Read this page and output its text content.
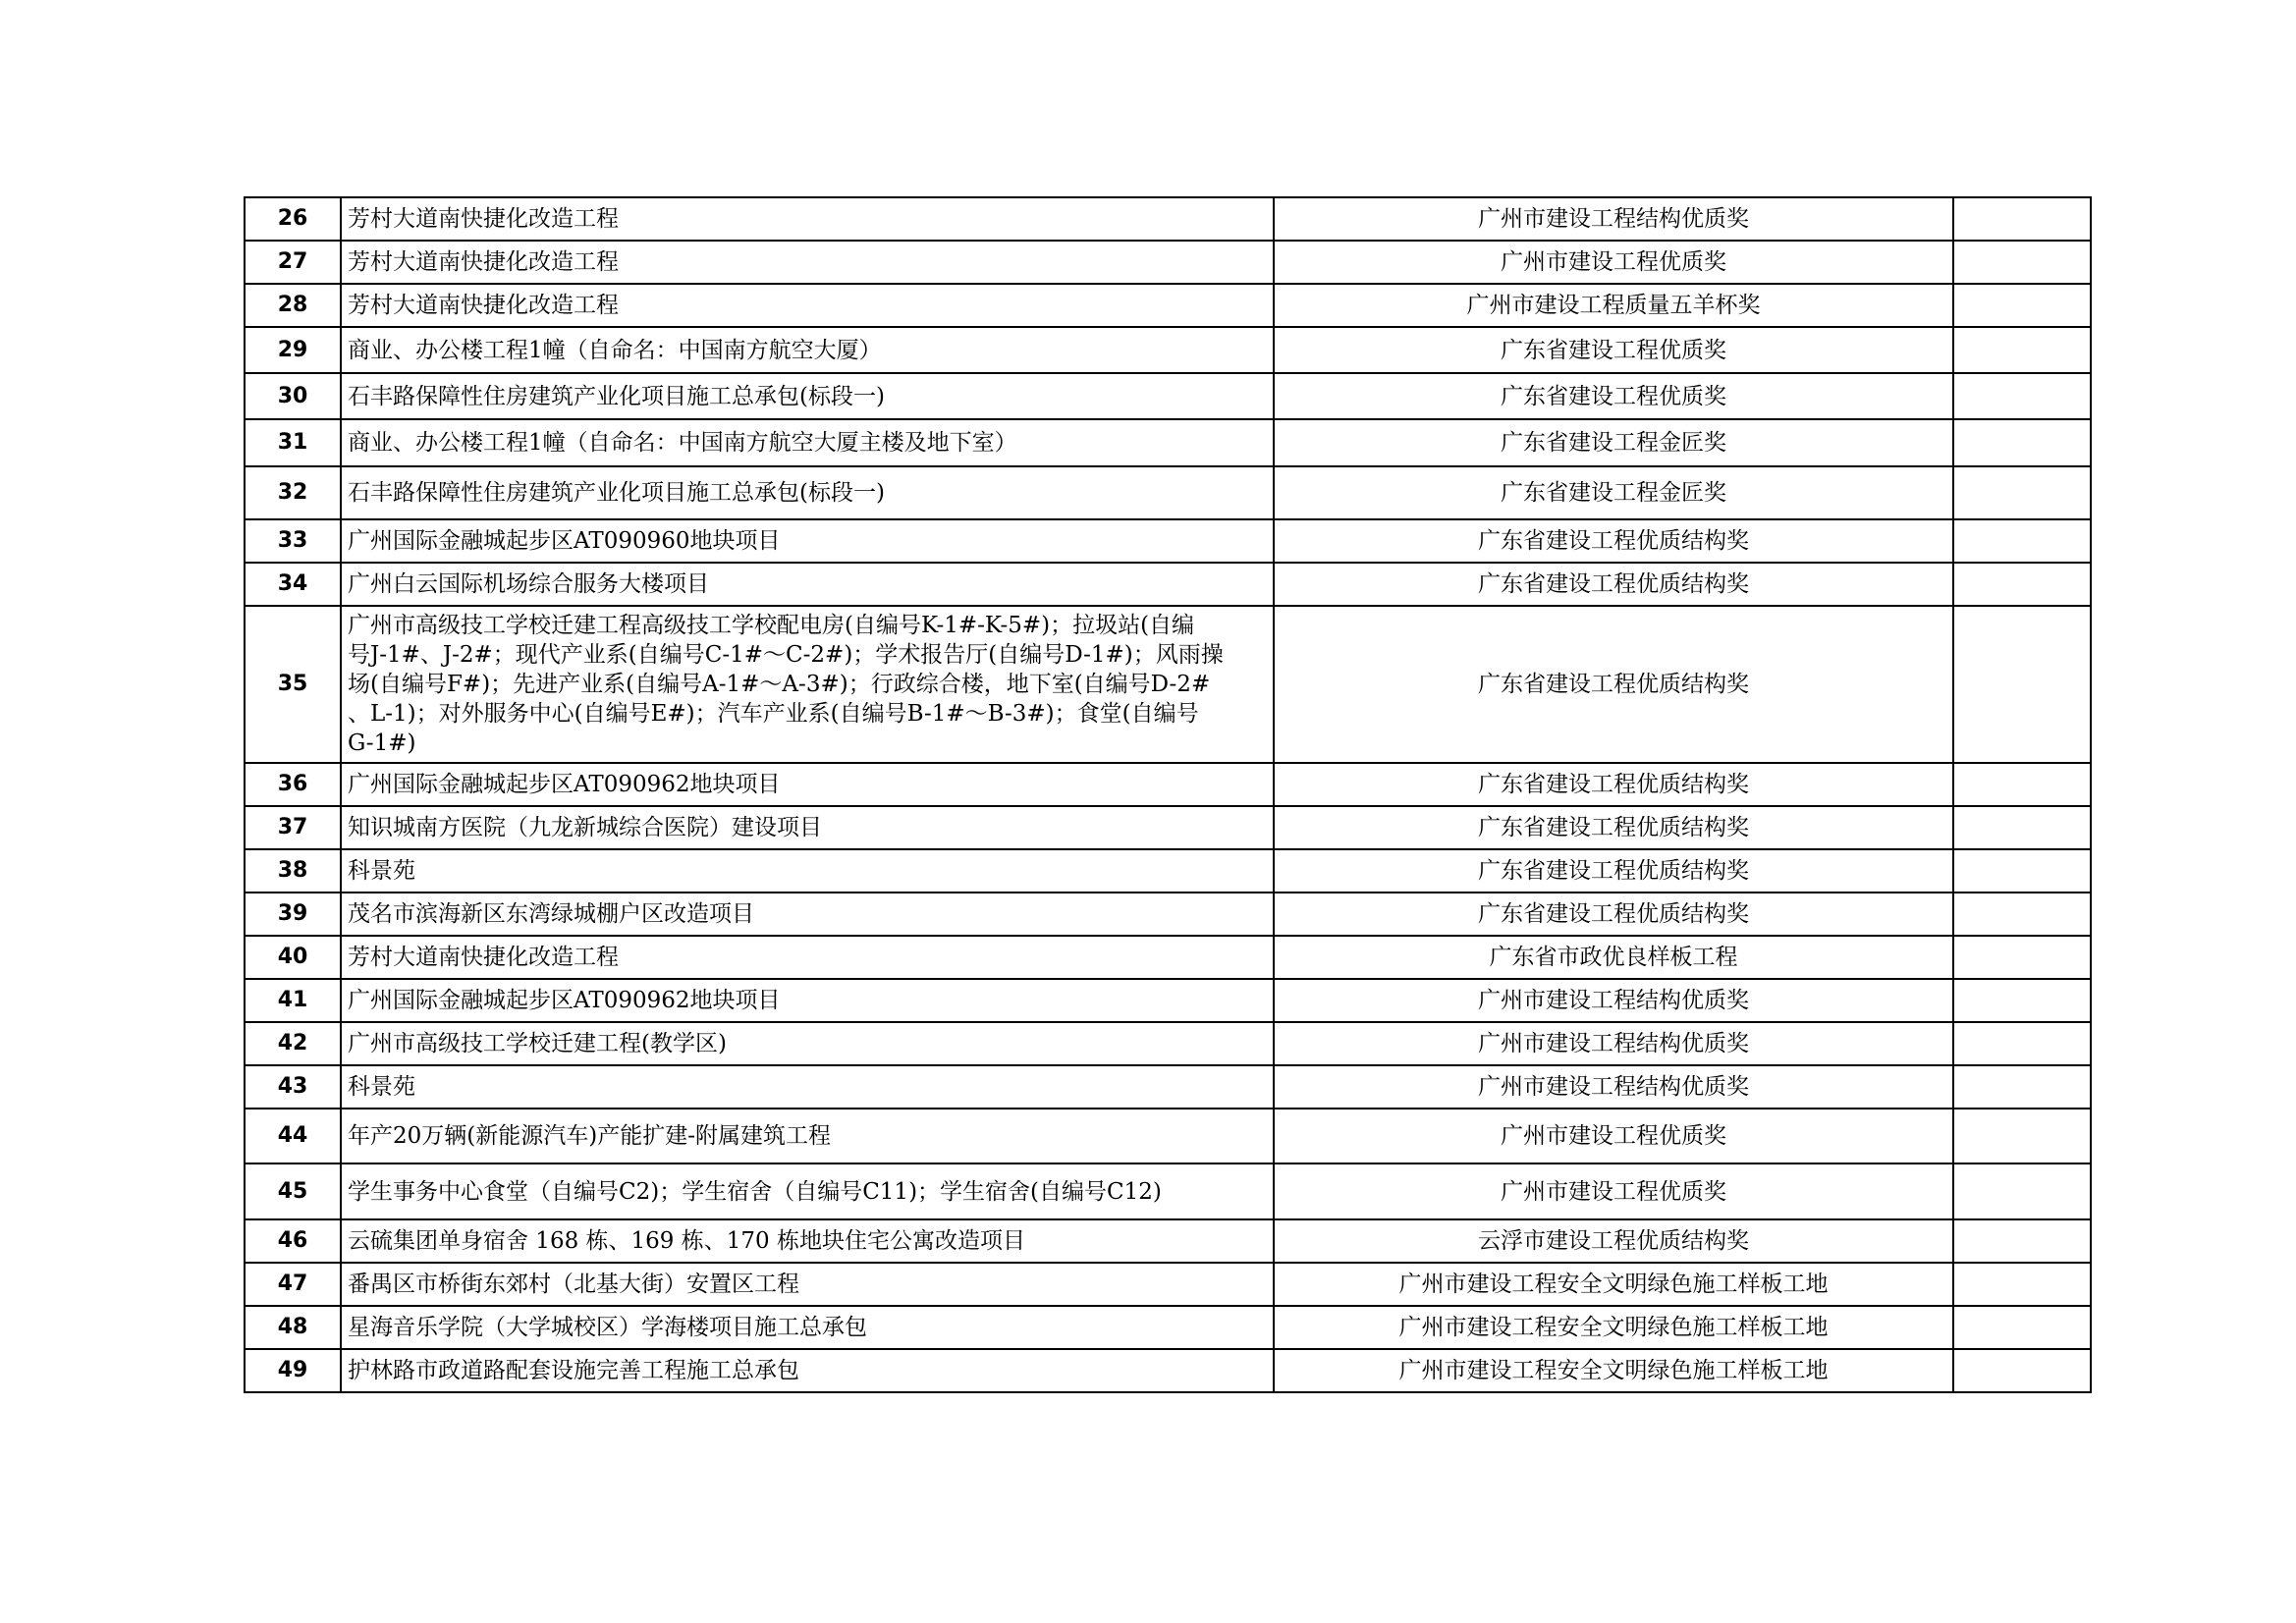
26	芳村大道南快捷化改造工程	广州市建设工程结构优质奖	
27	芳村大道南快捷化改造工程	广州市建设工程优质奖	
28	芳村大道南快捷化改造工程	广州市建设工程质量五羊杯奖	
29	商业、办公楼工程1幢（自命名：中国南方航空大厦）	广东省建设工程优质奖	
30	石丰路保障性住房建筑产业化项目施工总承包(标段一)	广东省建设工程优质奖	
31	商业、办公楼工程1幢（自命名：中国南方航空大厦主楼及地下室）	广东省建设工程金匠奖	
32	石丰路保障性住房建筑产业化项目施工总承包(标段一)	广东省建设工程金匠奖	
33	广州国际金融城起步区AT090960地块项目	广东省建设工程优质结构奖	
34	广州白云国际机场综合服务大楼项目	广东省建设工程优质结构奖	
35	广州市高级技工学校迁建工程高级技工学校配电房(自编号K-1#-K-5#)；拉圾站(自编
号J-1#、J-2#；现代产业系(自编号C-1#～C-2#)；学术报告厅(自编号D-1#)；风雨操
场(自编号F#)；先进产业系(自编号A-1#～A-3#)；行政综合楼，地下室(自编号D-2#
、L-1)；对外服务中心(自编号E#)；汽车产业系(自编号B-1#～B-3#)；食堂(自编号
G-1#)	广东省建设工程优质结构奖	
36	广州国际金融城起步区AT090962地块项目	广东省建设工程优质结构奖	
37	知识城南方医院（九龙新城综合医院）建设项目	广东省建设工程优质结构奖	
38	科景苑	广东省建设工程优质结构奖	
39	茂名市滨海新区东湾绿城棚户区改造项目	广东省建设工程优质结构奖	
40	芳村大道南快捷化改造工程	广东省市政优良样板工程	
41	广州国际金融城起步区AT090962地块项目	广州市建设工程结构优质奖	
42	广州市高级技工学校迁建工程(教学区)	广州市建设工程结构优质奖	
43	科景苑	广州市建设工程结构优质奖	
44	年产20万辆(新能源汽车)产能扩建-附属建筑工程	广州市建设工程优质奖	
45	学生事务中心食堂（自编号C2)；学生宿舍（自编号C11)；学生宿舍(自编号C12)	广州市建设工程优质奖	
46	云硫集团单身宿舍 168 栋、169 栋、170 栋地块住宅公寓改造项目	云浮市建设工程优质结构奖	
47	番禺区市桥街东郊村（北基大街）安置区工程	广州市建设工程安全文明绿色施工样板工地	
48	星海音乐学院（大学城校区）学海楼项目施工总承包	广州市建设工程安全文明绿色施工样板工地	
49	护林路市政道路配套设施完善工程施工总承包	广州市建设工程安全文明绿色施工样板工地	
